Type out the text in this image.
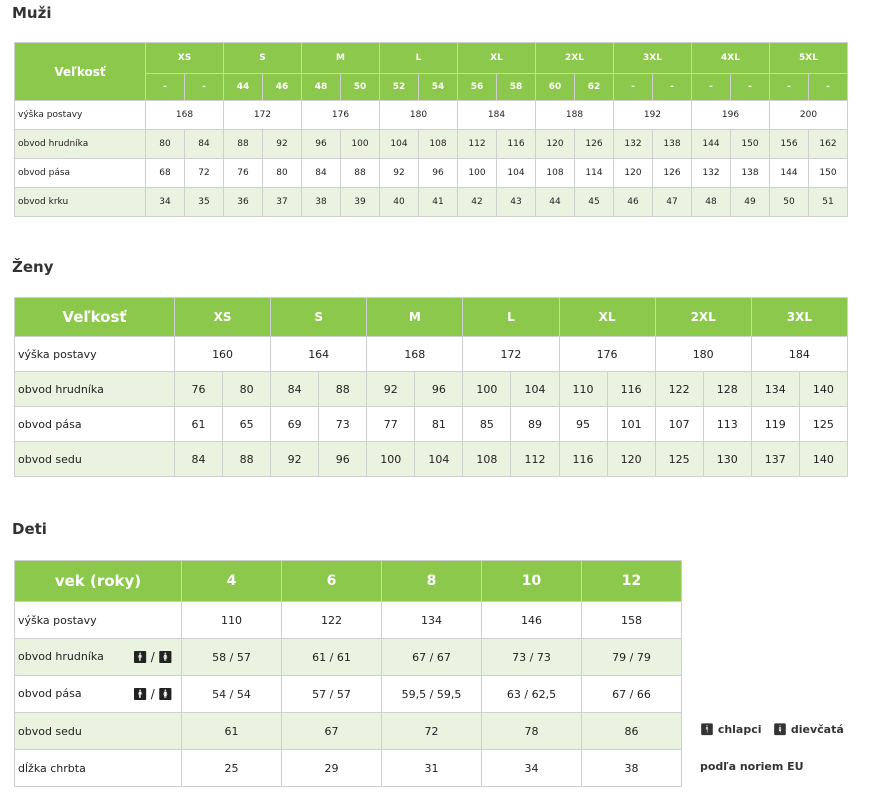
Muži
Veľkosť	XS		S		M		L		XL		2XL		3XL		4XL		5XL	
	-	-	44	46	48	50	52	54	56	58	60	62	-	-	-	-	-	-
výška postavy	168		172		176		180		184		188		192		196		200	
obvod hrudníka	80	84	88	92	96	100	104	108	112	116	120	126	132	138	144	150	156	162
obvod pása	68	72	76	80	84	88	92	96	100	104	108	114	120	126	132	138	144	150
obvod krku	34	35	36	37	38	39	40	41	42	43	44	45	46	47	48	49	50	51
Ženy
Veľkosť	XS		S		M		L		XL		2XL		3XL	
výška postavy	160		164		168		172		176		180		184	
obvod hrudníka	76	80	84	88	92	96	100	104	110	116	122	128	134	140
obvod pása	61	65	69	73	77	81	85	89	95	101	107	113	119	125
obvod sedu	84	88	92	96	100	104	108	112	116	120	125	130	137	140
Deti
vek (roky)	4	6	8	10	12
výška postavy	110	122	134	146	158
obvod hrudníka 🚹︎ / 🚺︎	58 / 57	61 / 61	67 / 67	73 / 73	79 / 79
obvod pása 🚹︎ / 🚺︎	54 / 54	57 / 57	59,5 / 59,5	63 / 62,5	67 / 66
obvod sedu	61	67	72	78	86
dĺžka chrbta	25	29	31	34	38
🚹︎ chlapci 🚺︎ dievčatá
podľa noriem EU
